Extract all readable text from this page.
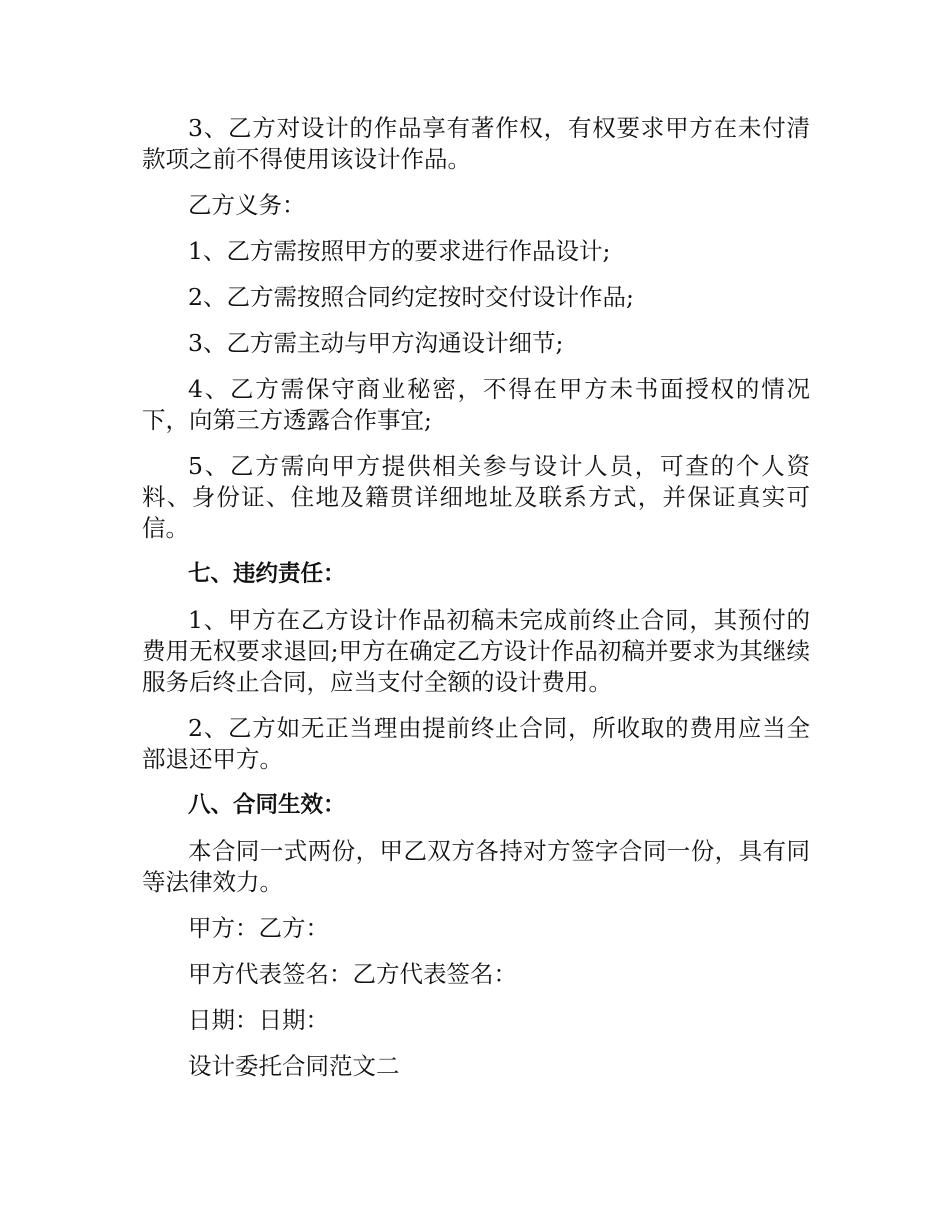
3、乙方对设计的作品享有著作权，有权要求甲方在未付清款项之前不得使用该设计作品。

乙方义务：

1、乙方需按照甲方的要求进行作品设计;

2、乙方需按照合同约定按时交付设计作品;

3、乙方需主动与甲方沟通设计细节;

4、乙方需保守商业秘密，不得在甲方未书面授权的情况下，向第三方透露合作事宜;

5、乙方需向甲方提供相关参与设计人员，可查的个人资料、身份证、住地及籍贯详细地址及联系方式，并保证真实可信。

七、违约责任：

1、甲方在乙方设计作品初稿未完成前终止合同，其预付的费用无权要求退回;甲方在确定乙方设计作品初稿并要求为其继续服务后终止合同，应当支付全额的设计费用。

2、乙方如无正当理由提前终止合同，所收取的费用应当全部退还甲方。

八、合同生效：

本合同一式两份，甲乙双方各持对方签字合同一份，具有同等法律效力。

甲方：乙方：

甲方代表签名：乙方代表签名：

日期：日期：

设计委托合同范文二
